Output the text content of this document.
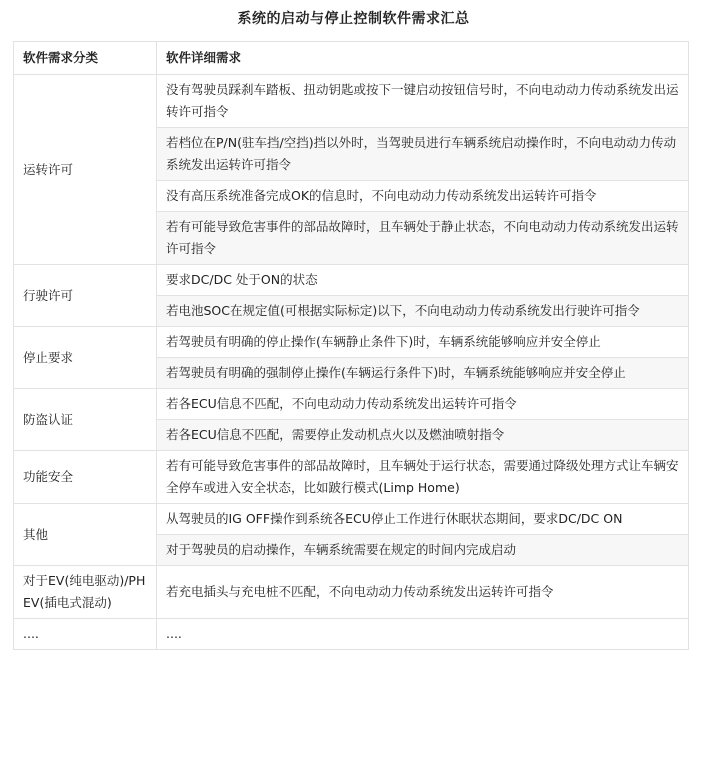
系统的启动与停止控制软件需求汇总
软件需求分类	软件详细需求
运转许可	没有驾驶员踩刹车踏板、扭动钥匙或按下一键启动按钮信号时，不向电动动力传动系统发出运转许可指令
	若档位在P/N(驻车挡/空挡)挡以外时，当驾驶员进行车辆系统启动操作时，不向电动动力传动系统发出运转许可指令
	没有高压系统准备完成OK的信息时，不向电动动力传动系统发出运转许可指令
	若有可能导致危害事件的部品故障时，且车辆处于静止状态，不向电动动力传动系统发出运转许可指令
行驶许可	要求DC/DC 处于ON的状态
	若电池SOC在规定值(可根据实际标定)以下，不向电动动力传动系统发出行驶许可指令
停止要求	若驾驶员有明确的停止操作(车辆静止条件下)时，车辆系统能够响应并安全停止
	若驾驶员有明确的强制停止操作(车辆运行条件下)时，车辆系统能够响应并安全停止
防盗认证	若各ECU信息不匹配，不向电动动力传动系统发出运转许可指令
	若各ECU信息不匹配，需要停止发动机点火以及燃油喷射指令
功能安全	若有可能导致危害事件的部品故障时，且车辆处于运行状态，需要通过降级处理方式让车辆安全停车或进入安全状态，比如跛行模式(Limp Home)
其他	从驾驶员的IG OFF操作到系统各ECU停止工作进行休眠状态期间，要求DC/DC ON
	对于驾驶员的启动操作，车辆系统需要在规定的时间内完成启动
对于EV(纯电驱动)/PHEV(插电式混动)	若充电插头与充电桩不匹配，不向电动动力传动系统发出运转许可指令
....	....
